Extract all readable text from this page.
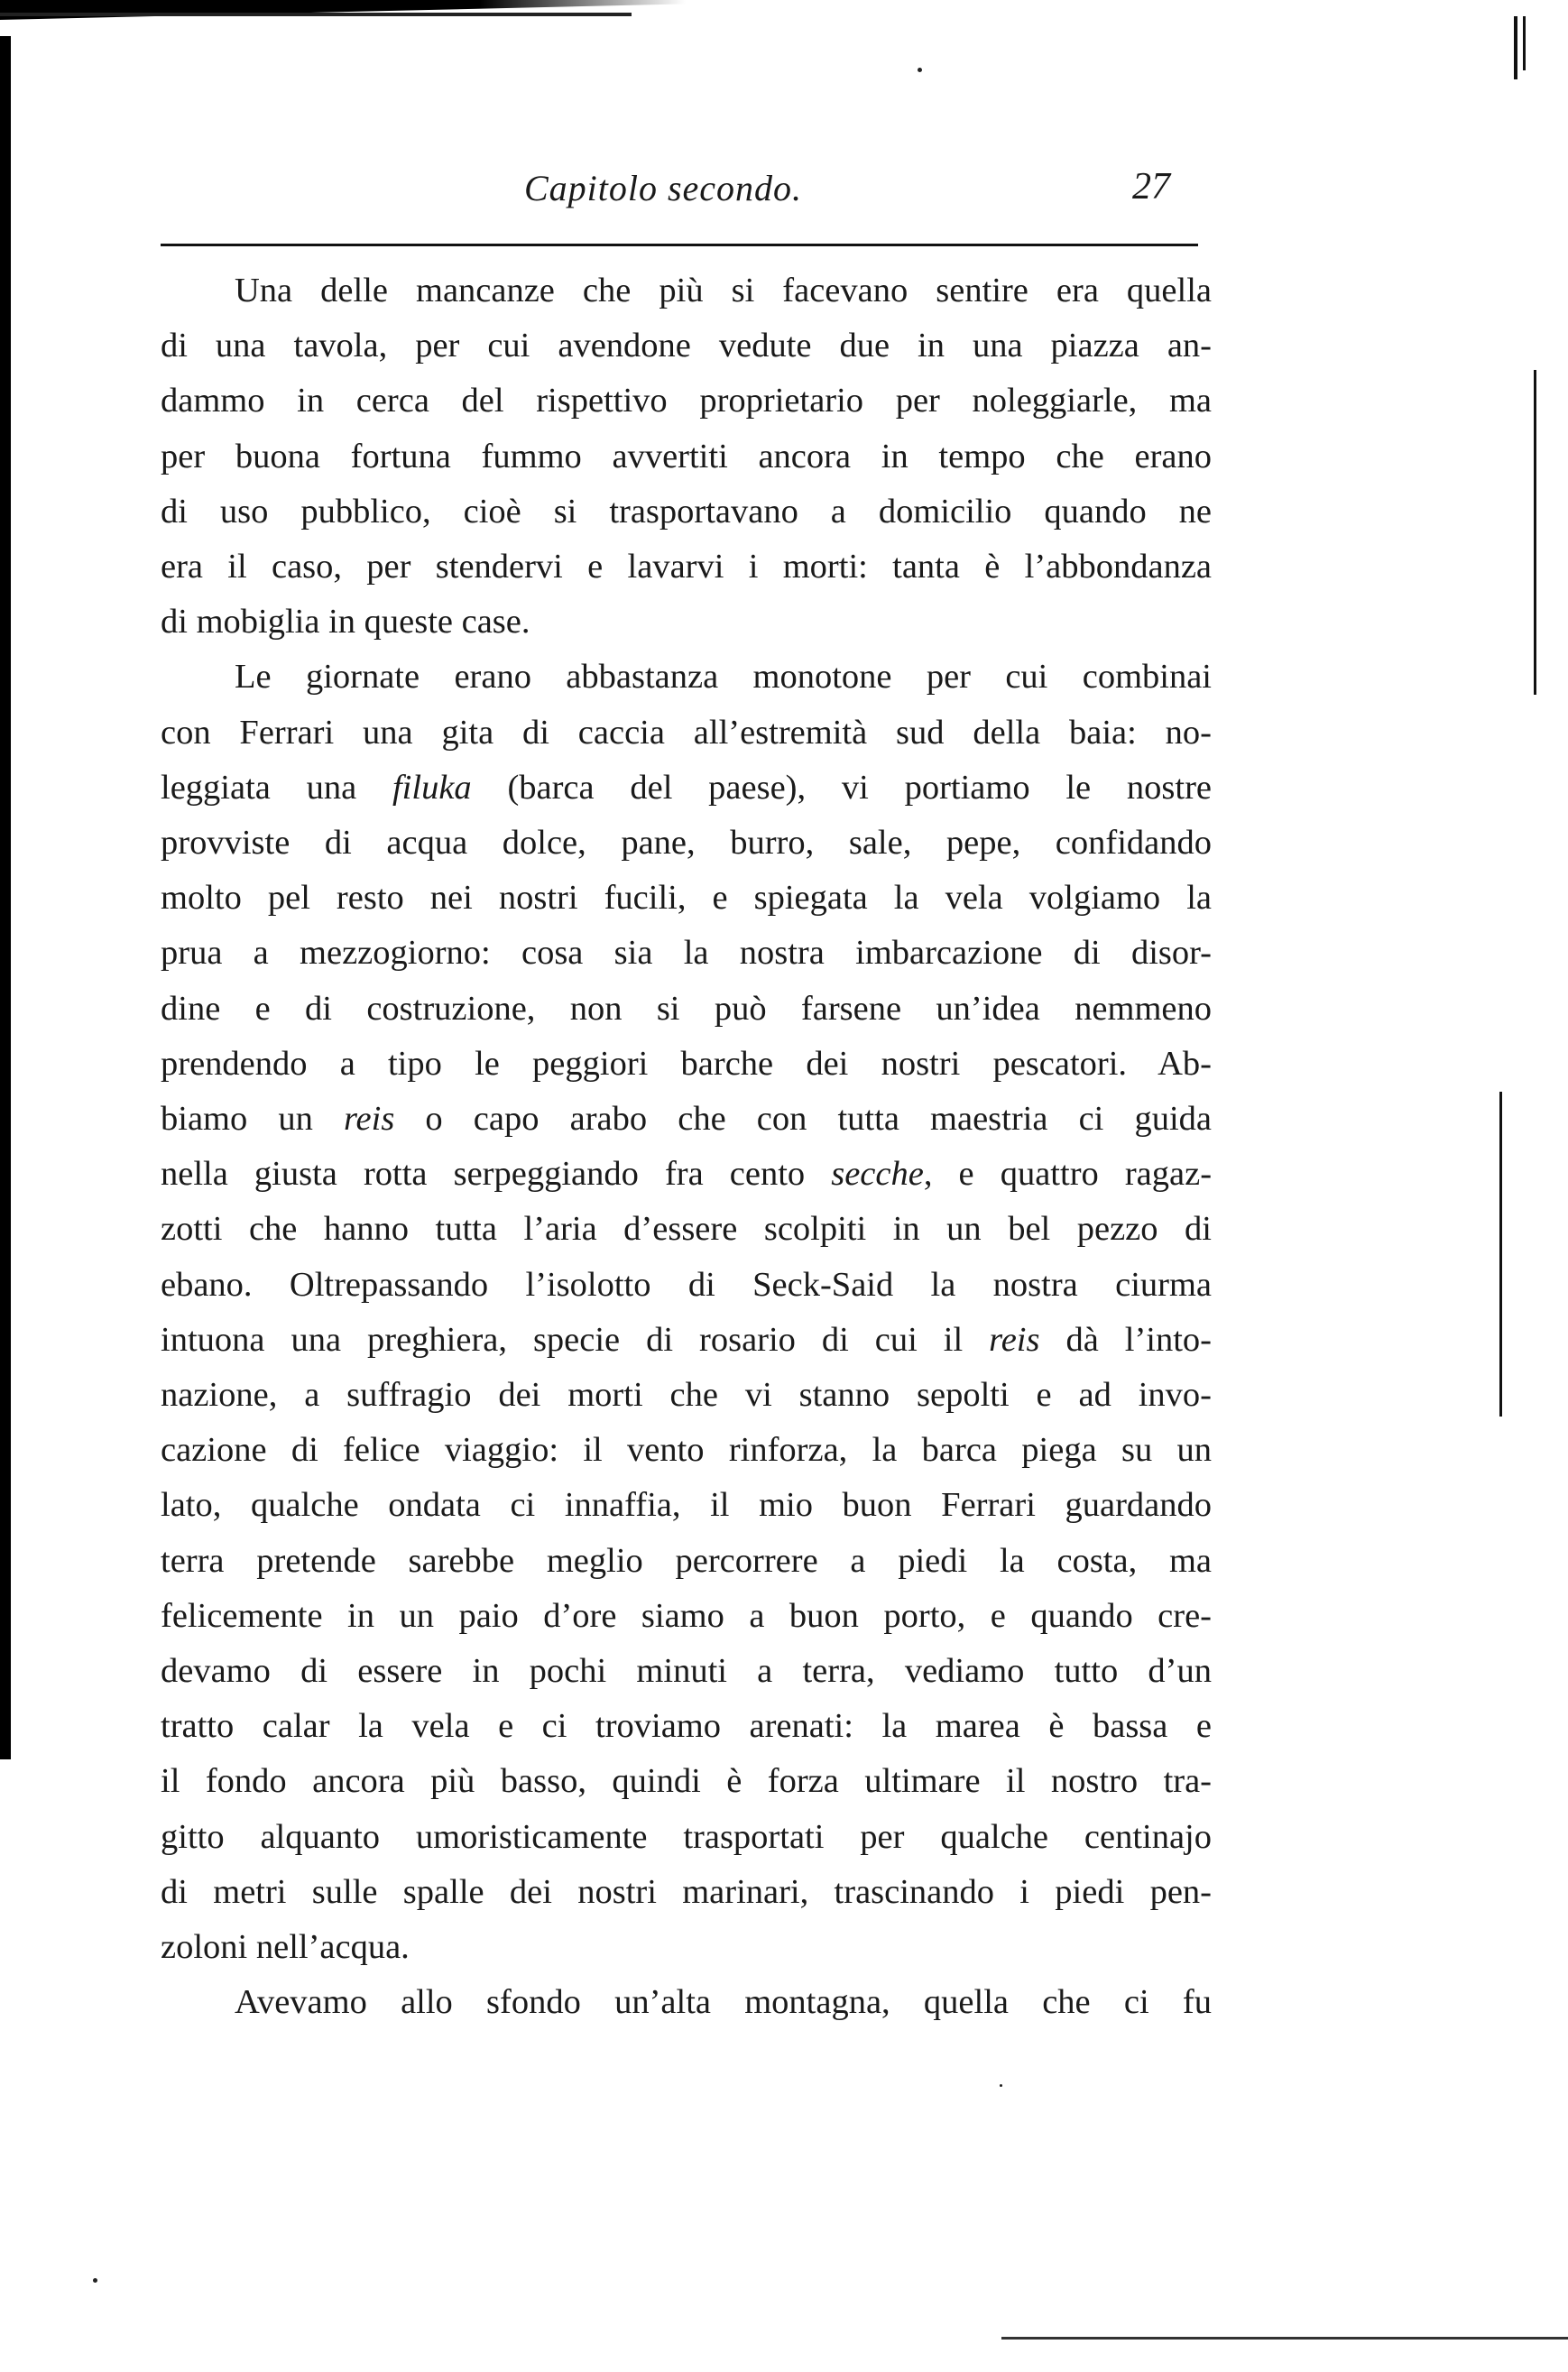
Capitolo secondo.	27
Una delle mancanze che più si facevano sentire era quella
di una tavola, per cui avendone vedute due in una piazza an-
dammo in cerca del rispettivo proprietario per noleggiarle, ma
per buona fortuna fummo avvertiti ancora in tempo che erano
di uso pubblico, cioè si trasportavano a domicilio quando ne
era il caso, per stendervi e lavarvi i morti: tanta è l’abbondanza
di mobiglia in queste case.
Le giornate erano abbastanza monotone per cui combinai
con Ferrari una gita di caccia all’estremità sud della baia: no-
leggiata una filuka (barca del paese), vi portiamo le nostre
provviste di acqua dolce, pane, burro, sale, pepe, confidando
molto pel resto nei nostri fucili, e spiegata la vela volgiamo la
prua a mezzogiorno: cosa sia la nostra imbarcazione di disor-
dine e di costruzione, non si può farsene un’idea nemmeno
prendendo a tipo le peggiori barche dei nostri pescatori. Ab-
biamo un reis o capo arabo che con tutta maestria ci guida
nella giusta rotta serpeggiando fra cento secche, e quattro ragaz-
zotti che hanno tutta l’aria d’essere scolpiti in un bel pezzo di
ebano. Oltrepassando l’isolotto di Seck-Said la nostra ciurma
intuona una preghiera, specie di rosario di cui il reis dà l’into-
nazione, a suffragio dei morti che vi stanno sepolti e ad invo-
cazione di felice viaggio: il vento rinforza, la barca piega su un
lato, qualche ondata ci innaffia, il mio buon Ferrari guardando
terra pretende sarebbe meglio percorrere a piedi la costa, ma
felicemente in un paio d’ore siamo a buon porto, e quando cre-
devamo di essere in pochi minuti a terra, vediamo tutto d’un
tratto calar la vela e ci troviamo arenati: la marea è bassa e
il fondo ancora più basso, quindi è forza ultimare il nostro tra-
gitto alquanto umoristicamente trasportati per qualche centinajo
di metri sulle spalle dei nostri marinari, trascinando i piedi pen-
zoloni nell’acqua.
Avevamo allo sfondo un’alta montagna, quella che ci fu
